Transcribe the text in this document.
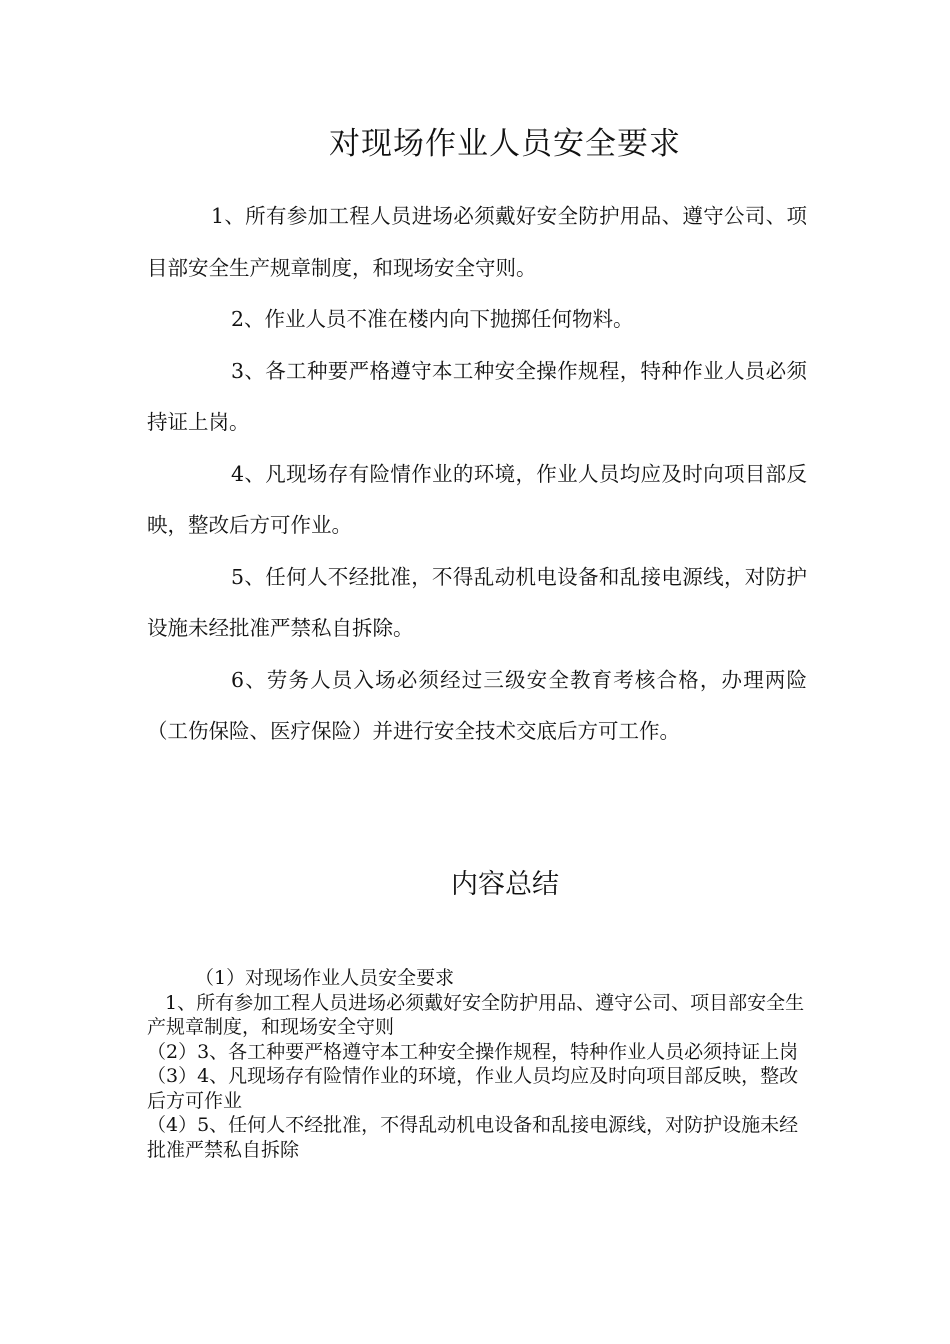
对现场作业人员安全要求

1、所有参加工程人员进场必须戴好安全防护用品、遵守公司、项目部安全生产规章制度，和现场安全守则。

2、作业人员不准在楼内向下抛掷任何物料。

3、各工种要严格遵守本工种安全操作规程，特种作业人员必须持证上岗。

4、凡现场存有险情作业的环境，作业人员均应及时向项目部反映，整改后方可作业。

5、任何人不经批准，不得乱动机电设备和乱接电源线，对防护设施未经批准严禁私自拆除。

6、劳务人员入场必须经过三级安全教育考核合格，办理两险（工伤保险、医疗保险）并进行安全技术交底后方可工作。

内容总结

（1）对现场作业人员安全要求

1、所有参加工程人员进场必须戴好安全防护用品、遵守公司、项目部安全生产规章制度，和现场安全守则

（2）3、各工种要严格遵守本工种安全操作规程，特种作业人员必须持证上岗

（3）4、凡现场存有险情作业的环境，作业人员均应及时向项目部反映，整改后方可作业

（4）5、任何人不经批准，不得乱动机电设备和乱接电源线，对防护设施未经批准严禁私自拆除
